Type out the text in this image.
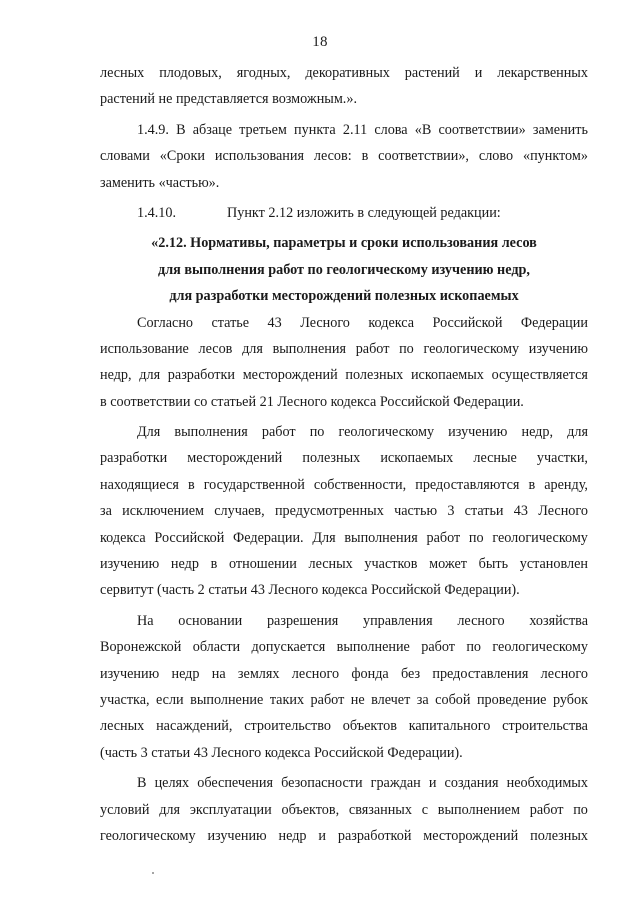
18
лесных плодовых, ягодных, декоративных растений и лекарственных
растений не представляется возможным.».
1.4.9. В абзаце третьем пункта 2.11 слова «В соответствии» заменить
словами «Сроки использования лесов: в соответствии», слово «пунктом»
заменить «частью».
1.4.10.	Пункт 2.12 изложить в следующей редакции:
«2.12. Нормативы, параметры и сроки использования лесов
для выполнения работ по геологическому изучению недр,
для разработки месторождений полезных ископаемых
Согласно статье 43 Лесного кодекса Российской Федерации
использование лесов для выполнения работ по геологическому изучению
недр, для разработки месторождений полезных ископаемых осуществляется
в соответствии со статьей 21 Лесного кодекса Российской Федерации.
Для выполнения работ по геологическому изучению недр, для
разработки месторождений полезных ископаемых лесные участки,
находящиеся в государственной собственности, предоставляются в аренду,
за исключением случаев, предусмотренных частью 3 статьи 43 Лесного
кодекса Российской Федерации. Для выполнения работ по геологическому
изучению недр в отношении лесных участков может быть установлен
сервитут (часть 2 статьи 43 Лесного кодекса Российской Федерации).
На основании разрешения управления лесного хозяйства
Воронежской области допускается выполнение работ по геологическому
изучению недр на землях лесного фонда без предоставления лесного
участка, если выполнение таких работ не влечет за собой проведение рубок
лесных насаждений, строительство объектов капитального строительства
(часть 3 статьи 43 Лесного кодекса Российской Федерации).
В целях обеспечения безопасности граждан и создания необходимых
условий для эксплуатации объектов, связанных с выполнением работ по
геологическому изучению недр и разработкой месторождений полезных
